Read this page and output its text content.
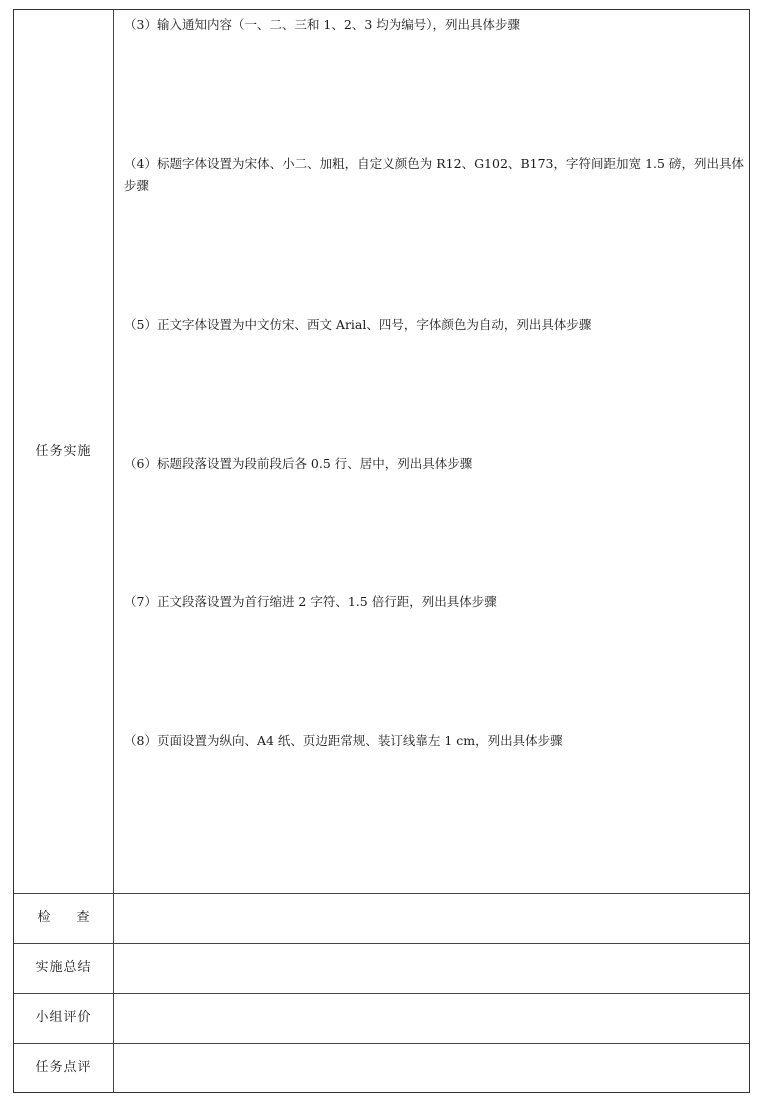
任务实施
（3）输入通知内容（一、二、三和 1、2、3 均为编号），列出具体步骤
（4）标题字体设置为宋体、小二、加粗，自定义颜色为 R12、G102、B173，字符间距加宽 1.5 磅，列出具体步骤
（5）正文字体设置为中文仿宋、西文 Arial、四号，字体颜色为自动，列出具体步骤
（6）标题段落设置为段前段后各 0.5 行、居中，列出具体步骤
（7）正文段落设置为首行缩进 2 字符、1.5 倍行距，列出具体步骤
（8）页面设置为纵向、A4 纸、页边距常规、装订线靠左 1 cm，列出具体步骤
检　　查
实施总结
小组评价
任务点评
